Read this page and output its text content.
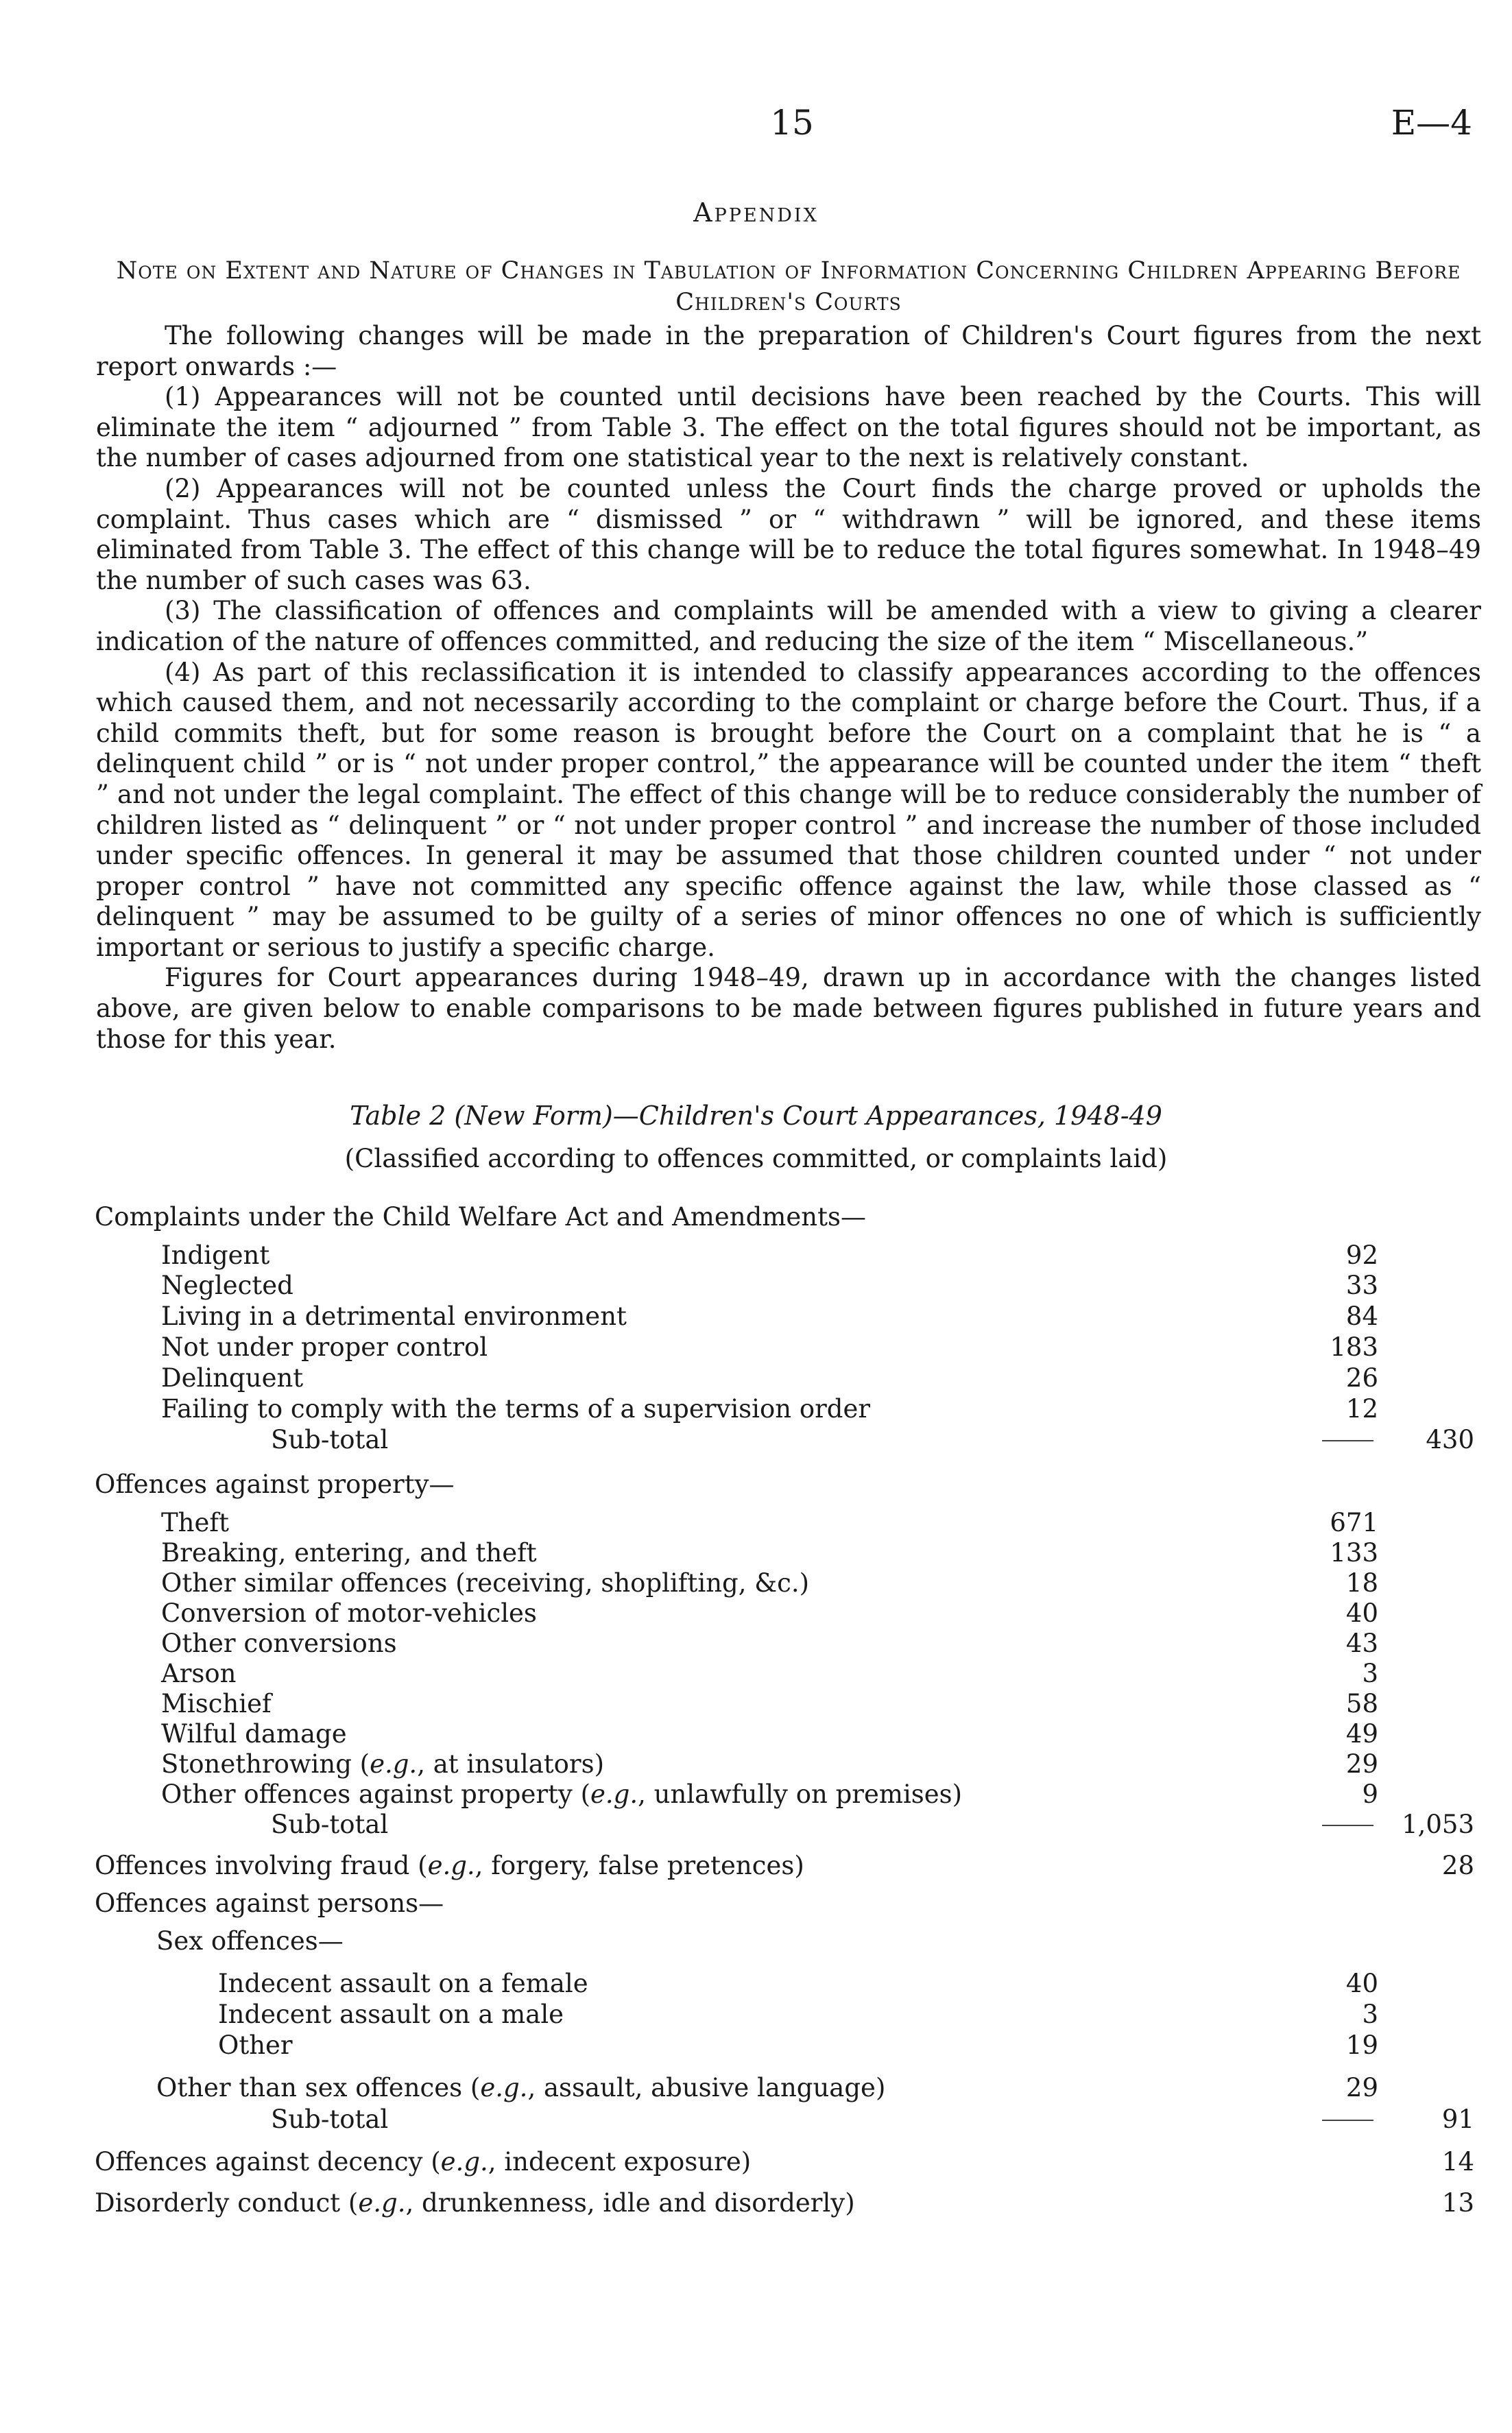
15	E—4
Appendix
Note on Extent and Nature of Changes in Tabulation of Information Concerning Children Appearing Before Children's Courts

The following changes will be made in the preparation of Children's Court figures from the next report onwards :—

(1) Appearances will not be counted until decisions have been reached by the Courts. This will eliminate the item “ adjourned ” from Table 3. The effect on the total figures should not be important, as the number of cases adjourned from one statistical year to the next is relatively constant.

(2) Appearances will not be counted unless the Court finds the charge proved or upholds the complaint. Thus cases which are “ dismissed ” or “ withdrawn ” will be ignored, and these items eliminated from Table 3. The effect of this change will be to reduce the total figures somewhat. In 1948–49 the number of such cases was 63.

(3) The classification of offences and complaints will be amended with a view to giving a clearer indication of the nature of offences committed, and reducing the size of the item “ Miscellaneous.”

(4) As part of this reclassification it is intended to classify appearances according to the offences which caused them, and not necessarily according to the complaint or charge before the Court. Thus, if a child commits theft, but for some reason is brought before the Court on a complaint that he is “ a delinquent child ” or is “ not under proper control,” the appearance will be counted under the item “ theft ” and not under the legal complaint. The effect of this change will be to reduce considerably the number of children listed as “ delinquent ” or “ not under proper control ” and increase the number of those included under specific offences. In general it may be assumed that those children counted under “ not under proper control ” have not committed any specific offence against the law, while those classed as “ delinquent ” may be assumed to be guilty of a series of minor offences no one of which is sufficiently important or serious to justify a specific charge.

Figures for Court appearances during 1948–49, drawn up in accordance with the changes listed above, are given below to enable comparisons to be made between figures published in future years and those for this year.

Table 2 (New Form)—Children's Court Appearances, 1948-49
(Classified according to offences committed, or complaints laid)
Complaints under the Child Welfare Act and Amendments—
Indigent	92
Neglected	33
Living in a detrimental environment	84
Not under proper control	183
Delinquent	26
Failing to comply with the terms of a supervision order	12
Sub-total	430
Offences against property—
Theft	671
Breaking, entering, and theft	133
Other similar offences (receiving, shoplifting, &c.)	18
Conversion of motor-vehicles	40
Other conversions	43
Arson	3
Mischief	58
Wilful damage	49
Stonethrowing (e.g., at insulators)	29
Other offences against property (e.g., unlawfully on premises)	9
Sub-total	1,053
Offences involving fraud (e.g., forgery, false pretences)	28
Offences against persons—
Sex offences—
Indecent assault on a female	40
Indecent assault on a male	3
Other	19
Other than sex offences (e.g., assault, abusive language)	29
Sub-total	91
Offences against decency (e.g., indecent exposure)	14
Disorderly conduct (e.g., drunkenness, idle and disorderly)	13
